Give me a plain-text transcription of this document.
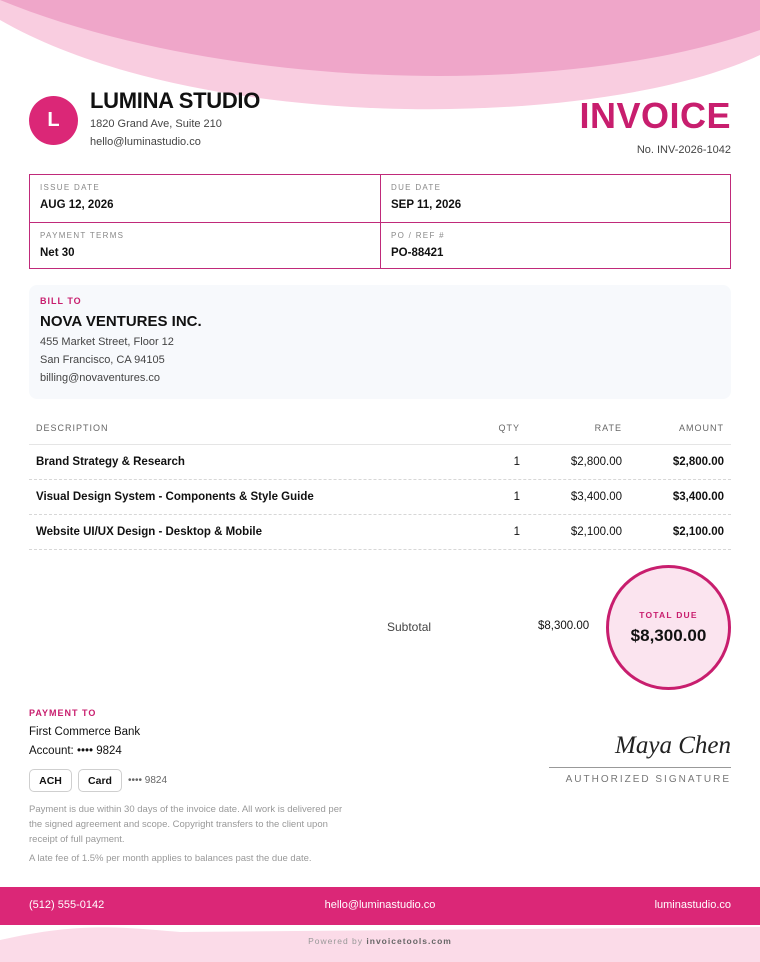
L
LUMINA STUDIO
1820 Grand Ave, Suite 210
hello@luminastudio.co
INVOICE
No. INV-2026-1042
ISSUE DATE
AUG 12, 2026
DUE DATE
SEP 11, 2026
PAYMENT TERMS
Net 30
PO / REF #
PO-88421
BILL TO
NOVA VENTURES INC.
455 Market Street, Floor 12
San Francisco, CA 94105
billing@novaventures.co
DESCRIPTION	QTY	RATE	AMOUNT
Brand Strategy & Research	1	$2,800.00	$2,800.00
Visual Design System - Components & Style Guide	1	$3,400.00	$3,400.00
Website UI/UX Design - Desktop & Mobile	1	$2,100.00	$2,100.00
Subtotal	$8,300.00
TOTAL DUE
$8,300.00
PAYMENT TO
First Commerce Bank
Account: •••• 9824
ACH	Card	•••• 9824
Payment is due within 30 days of the invoice date. All work is delivered per the signed agreement and scope. Copyright transfers to the client upon receipt of full payment.
A late fee of 1.5% per month applies to balances past the due date.
Maya Chen
AUTHORIZED SIGNATURE
(512) 555-0142	hello@luminastudio.co	luminastudio.co
Powered by invoicetools.com
